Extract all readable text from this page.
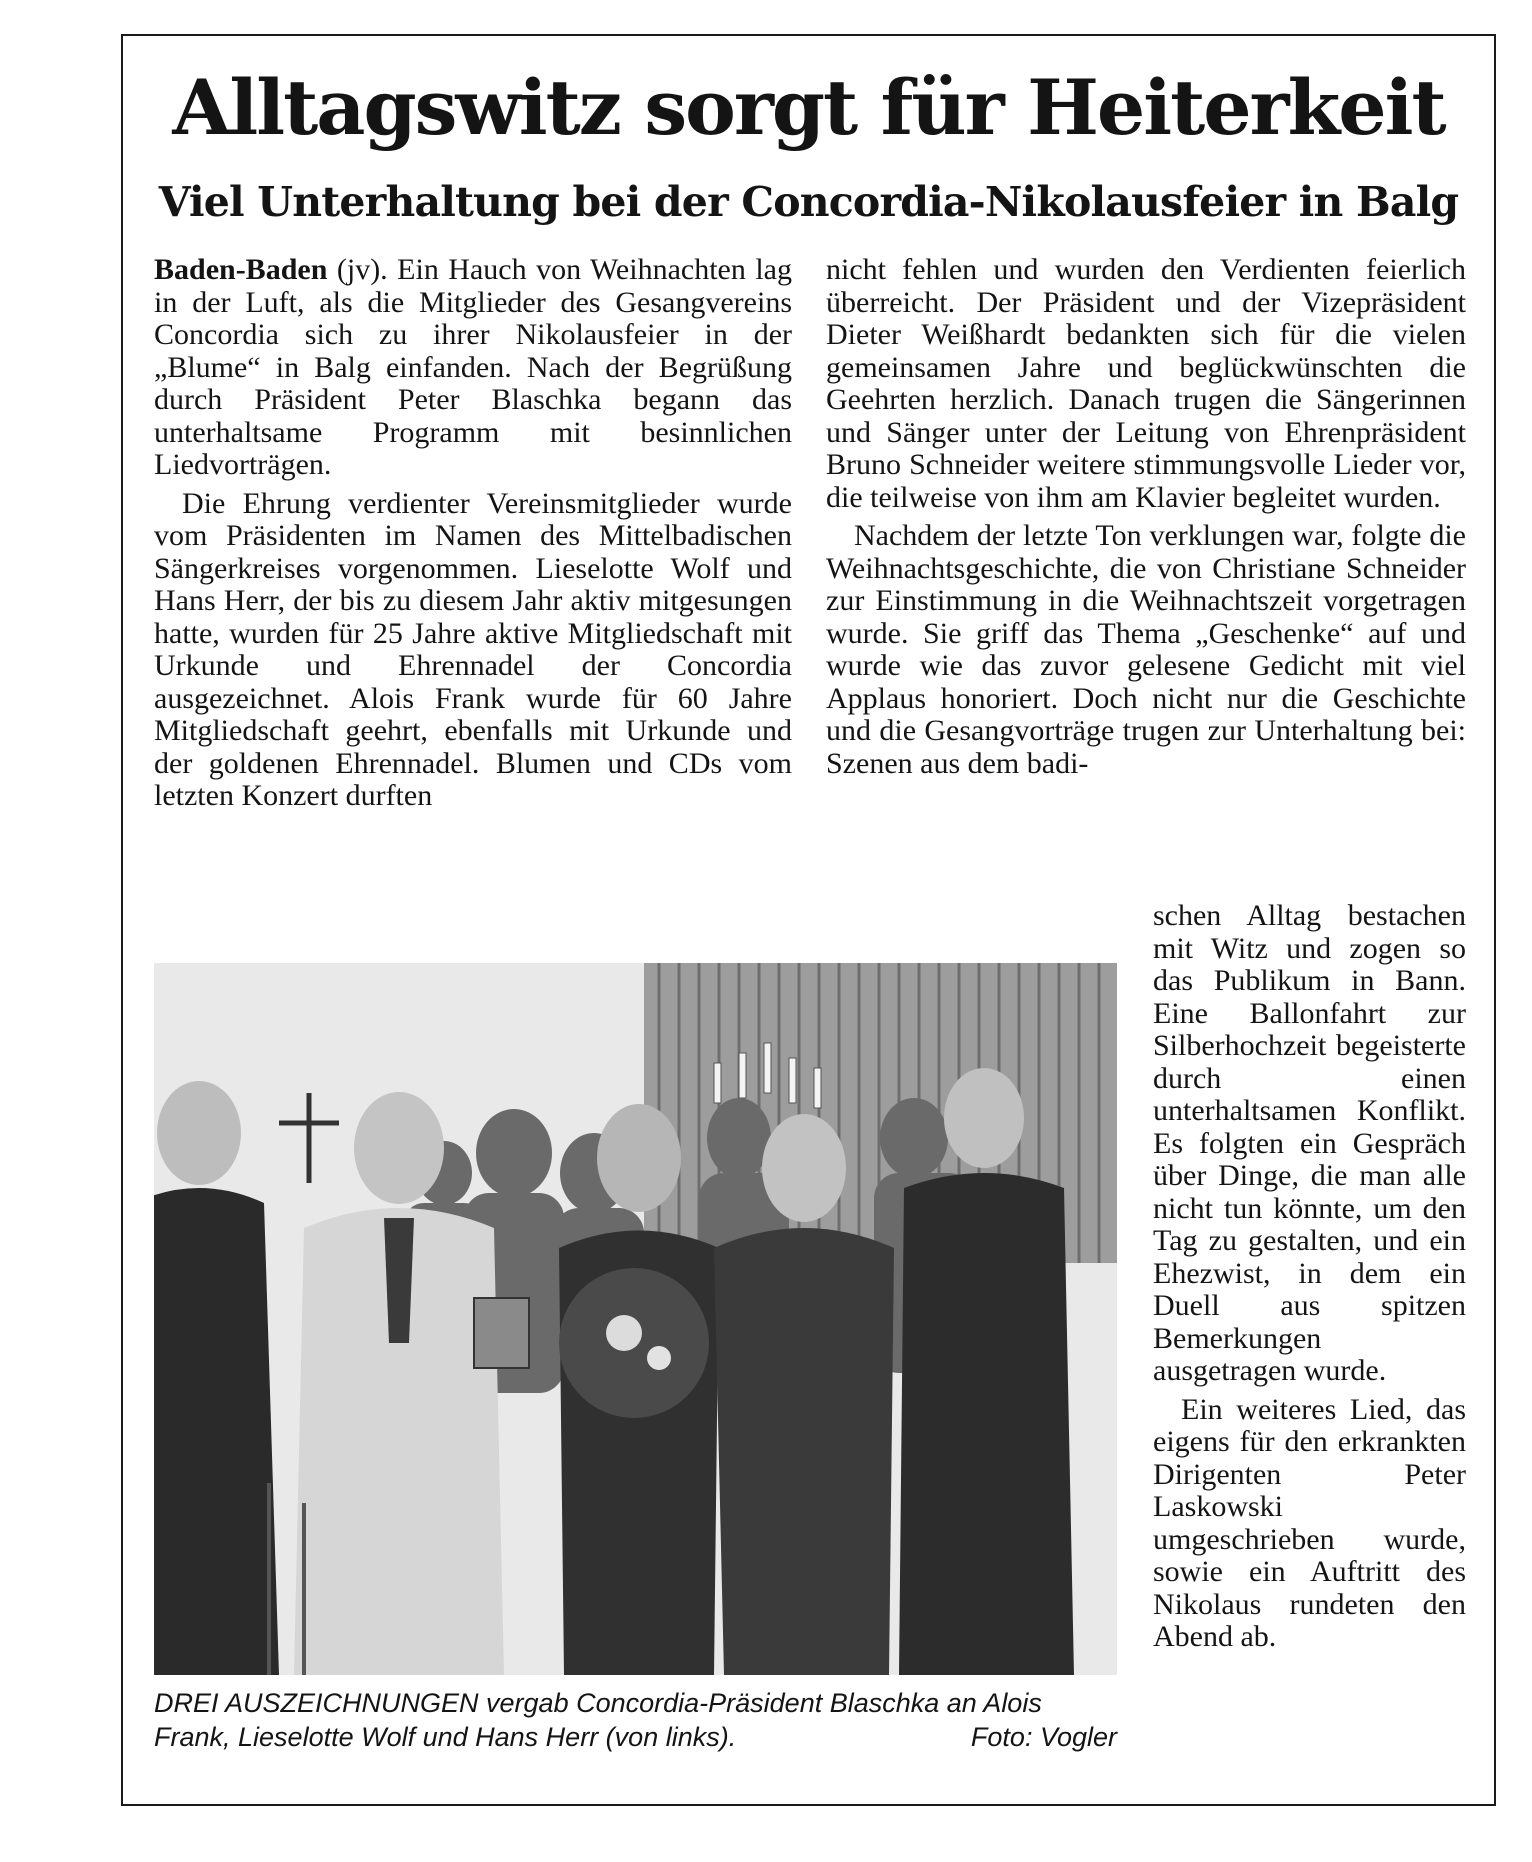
Alltagswitz sorgt für Heiterkeit
Viel Unterhaltung bei der Concordia-Nikolausfeier in Balg

Baden-Baden (jv). Ein Hauch von Weihnachten lag in der Luft, als die Mitglieder des Gesangvereins Concordia sich zu ihrer Nikolausfeier in der „Blume“ in Balg einfanden. Nach der Begrüßung durch Präsident Peter Blaschka begann das unterhaltsame Programm mit besinnlichen Liedvorträgen.

Die Ehrung verdienter Vereinsmitglieder wurde vom Präsidenten im Namen des Mittelbadischen Sängerkreises vorgenommen. Lieselotte Wolf und Hans Herr, der bis zu diesem Jahr aktiv mitgesungen hatte, wurden für 25 Jahre aktive Mitgliedschaft mit Urkunde und Ehrennadel der Concordia ausgezeichnet. Alois Frank wurde für 60 Jahre Mitgliedschaft geehrt, ebenfalls mit Urkunde und der goldenen Ehrennadel. Blumen und CDs vom letzten Konzert durften

nicht fehlen und wurden den Verdienten feierlich überreicht. Der Präsident und der Vizepräsident Dieter Weißhardt bedankten sich für die vielen gemeinsamen Jahre und beglückwünschten die Geehrten herzlich. Danach trugen die Sängerinnen und Sänger unter der Leitung von Ehrenpräsident Bruno Schneider weitere stimmungsvolle Lieder vor, die teilweise von ihm am Klavier begleitet wurden.

Nachdem der letzte Ton verklungen war, folgte die Weihnachtsgeschichte, die von Christiane Schneider zur Einstimmung in die Weihnachtszeit vorgetragen wurde. Sie griff das Thema „Geschenke“ auf und wurde wie das zuvor gelesene Gedicht mit viel Applaus honoriert. Doch nicht nur die Geschichte und die Gesangvorträge trugen zur Unterhaltung bei: Szenen aus dem badi-

schen Alltag bestachen mit Witz und zogen so das Publikum in Bann. Eine Ballonfahrt zur Silberhochzeit begeisterte durch einen unterhaltsamen Konflikt. Es folgten ein Gespräch über Dinge, die man alle nicht tun könnte, um den Tag zu gestalten, und ein Ehezwist, in dem ein Duell aus spitzen Bemerkungen ausgetragen wurde.

Ein weiteres Lied, das eigens für den erkrankten Dirigenten Peter Laskowski umgeschrieben wurde, sowie ein Auftritt des Nikolaus rundeten den Abend ab.

DREI AUSZEICHNUNGEN vergab Concordia-Präsident Blaschka an Alois
Frank, Lieselotte Wolf und Hans Herr (von links).	Foto: Vogler
